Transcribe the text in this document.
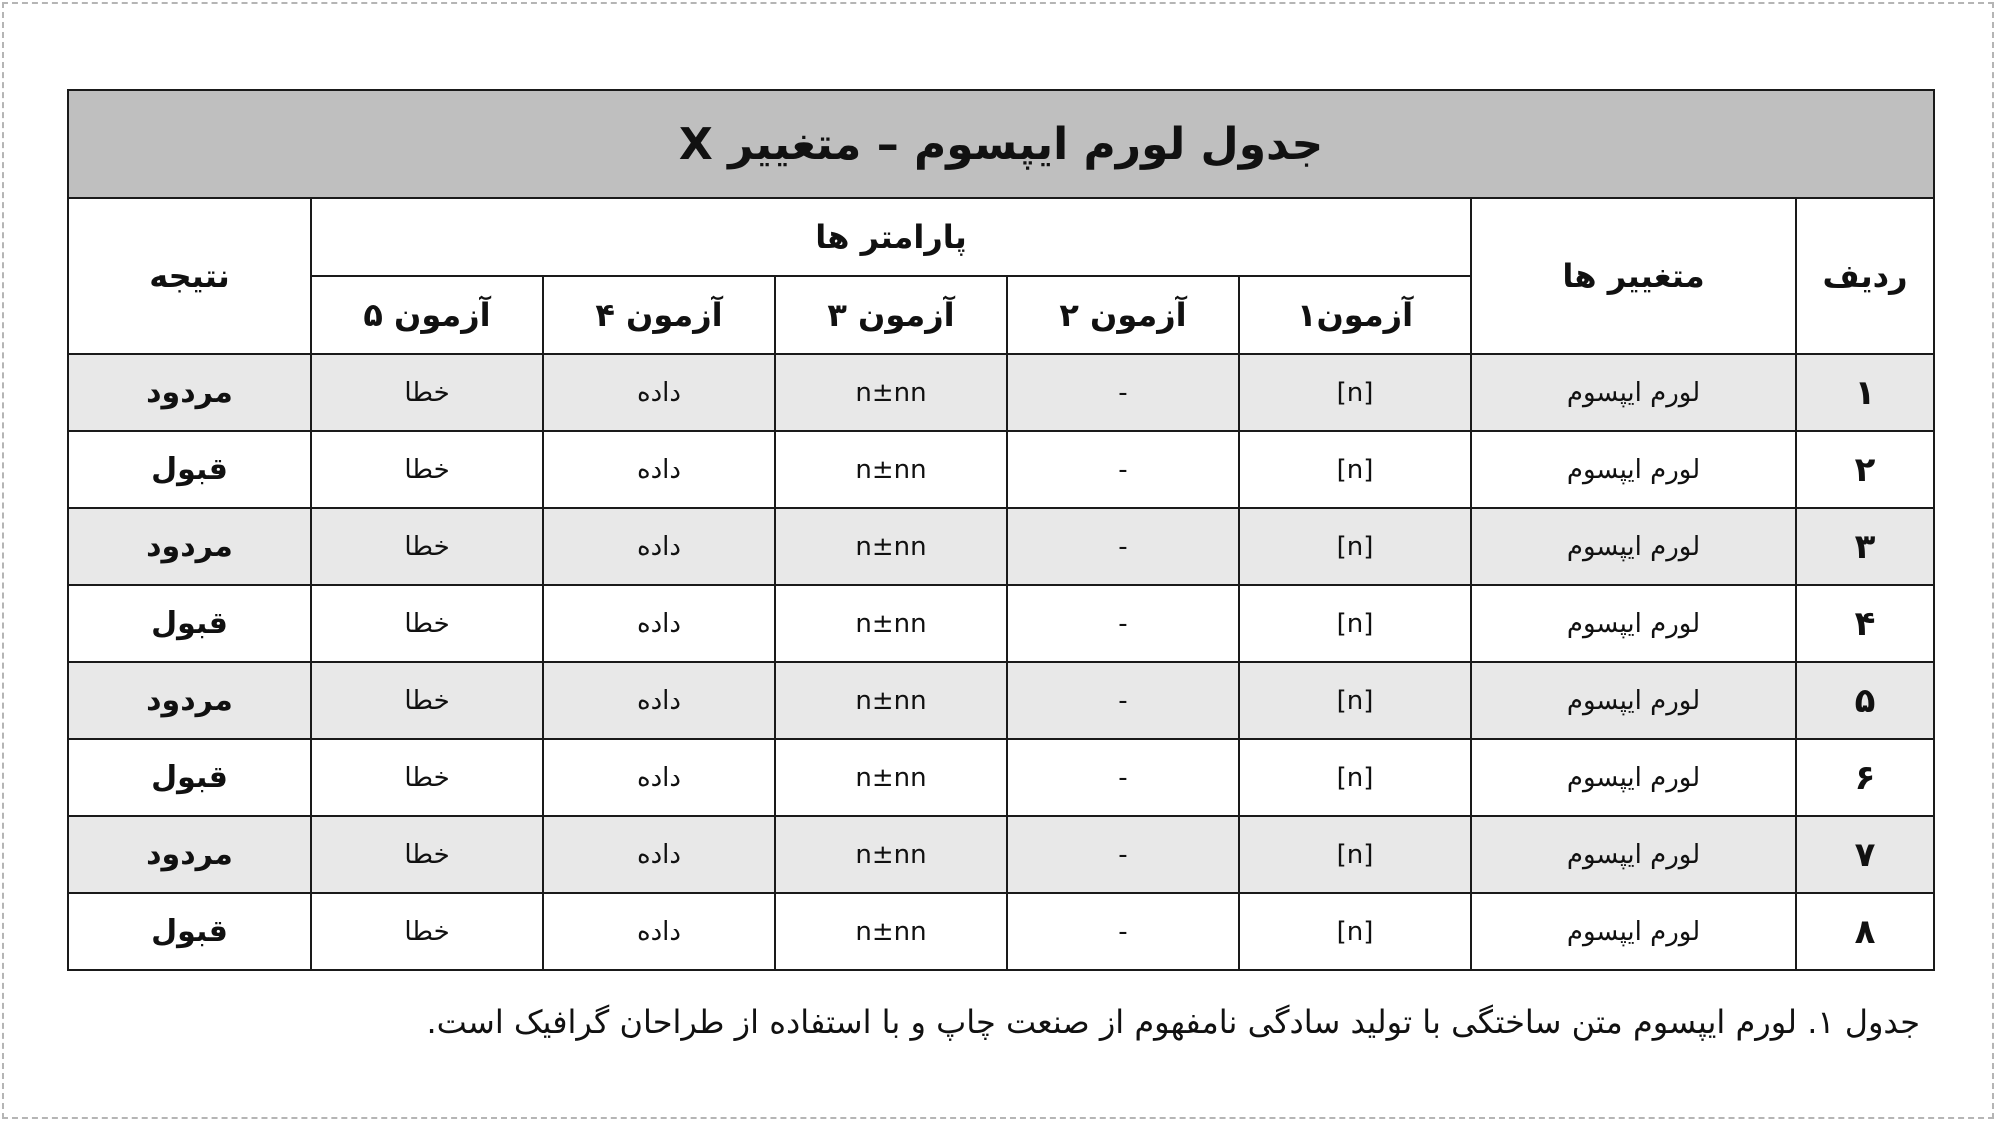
جدول لورم ایپسوم – متغییر X							
ردیف	متغییر ها	پارامتر ها					نتیجه
		آزمون۱	آزمون ۲	آزمون ۳	آزمون ۴	آزمون ۵	
۱	لورم ایپسوم	[n]	-	n±nn	داده	خطا	مردود
۲	لورم ایپسوم	[n]	-	n±nn	داده	خطا	قبول
۳	لورم ایپسوم	[n]	-	n±nn	داده	خطا	مردود
۴	لورم ایپسوم	[n]	-	n±nn	داده	خطا	قبول
۵	لورم ایپسوم	[n]	-	n±nn	داده	خطا	مردود
۶	لورم ایپسوم	[n]	-	n±nn	داده	خطا	قبول
۷	لورم ایپسوم	[n]	-	n±nn	داده	خطا	مردود
۸	لورم ایپسوم	[n]	-	n±nn	داده	خطا	قبول
جدول ۱. لورم ایپسوم متن ساختگی با تولید سادگی نامفهوم از صنعت چاپ و با استفاده از طراحان گرافیک است.
